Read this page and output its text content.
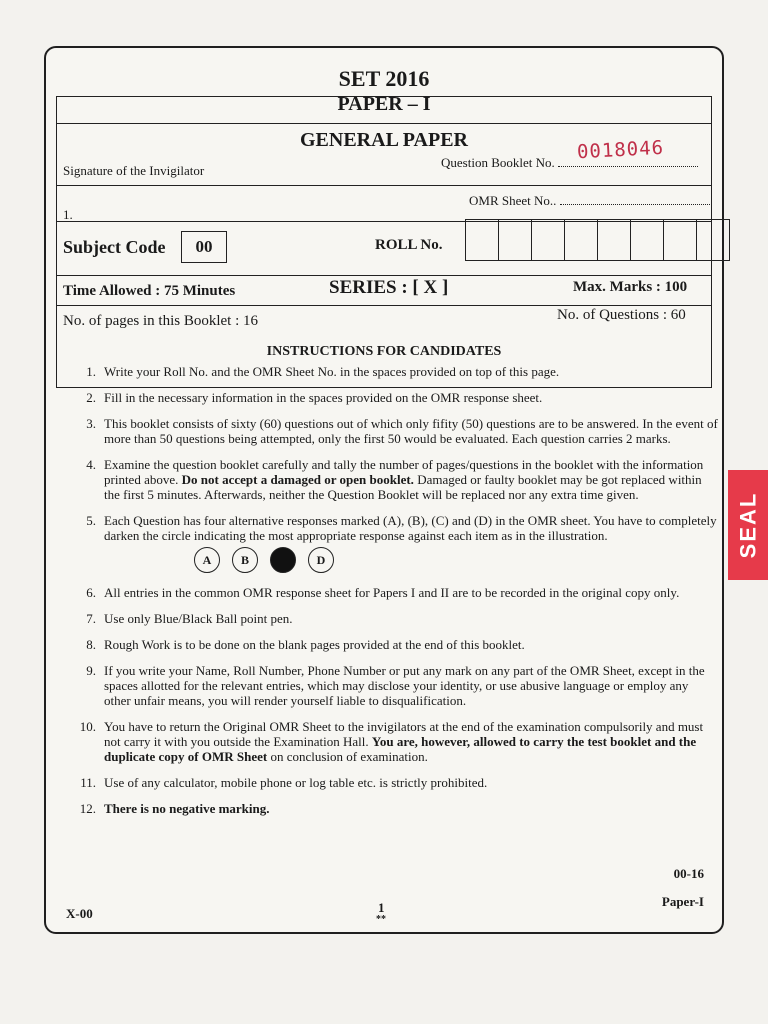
SET 2016
PAPER – I
GENERAL PAPER
Signature of the Invigilator
Question Booklet No.	0018046
OMR Sheet No..
1.
Subject Code	00	ROLL No.
Time Allowed : 75 Minutes	SERIES : [ X ]	Max. Marks : 100
No. of pages in this Booklet : 16	No. of Questions : 60
INSTRUCTIONS FOR CANDIDATES
1. Write your Roll No. and the OMR Sheet No. in the spaces provided on top of this page.
2. Fill in the necessary information in the spaces provided on the OMR response sheet.
3. This booklet consists of sixty (60) questions out of which only fifity (50) questions are to be answered. In the event of more than 50 questions being attempted, only the first 50 would be evaluated. Each question carries 2 marks.
4. Examine the question booklet carefully and tally the number of pages/questions in the booklet with the information printed above. Do not accept a damaged or open booklet. Damaged or faulty booklet may be got replaced within the first 5 minutes. Afterwards, neither the Question Booklet will be replaced nor any extra time given.
5. Each Question has four alternative responses marked (A), (B), (C) and (D) in the OMR sheet. You have to completely darken the circle indicating the most appropriate response against each item as in the illustration.
A	B	D
6. All entries in the common OMR response sheet for Papers I and II are to be recorded in the original copy only.
7. Use only Blue/Black Ball point pen.
8. Rough Work is to be done on the blank pages provided at the end of this booklet.
9. If you write your Name, Roll Number, Phone Number or put any mark on any part of the OMR Sheet, except in the spaces allotted for the relevant entries, which may disclose your identity, or use abusive language or employ any other unfair means, you will render yourself liable to disqualification.
10. You have to return the Original OMR Sheet to the invigilators at the end of the examination compulsorily and must not carry it with you outside the Examination Hall. You are, however, allowed to carry the test booklet and the duplicate copy of OMR Sheet on conclusion of examination.
11. Use of any calculator, mobile phone or log table etc. is strictly prohibited.
12. There is no negative marking.
00-16
X-00	1
**
Paper-I
SEAL
